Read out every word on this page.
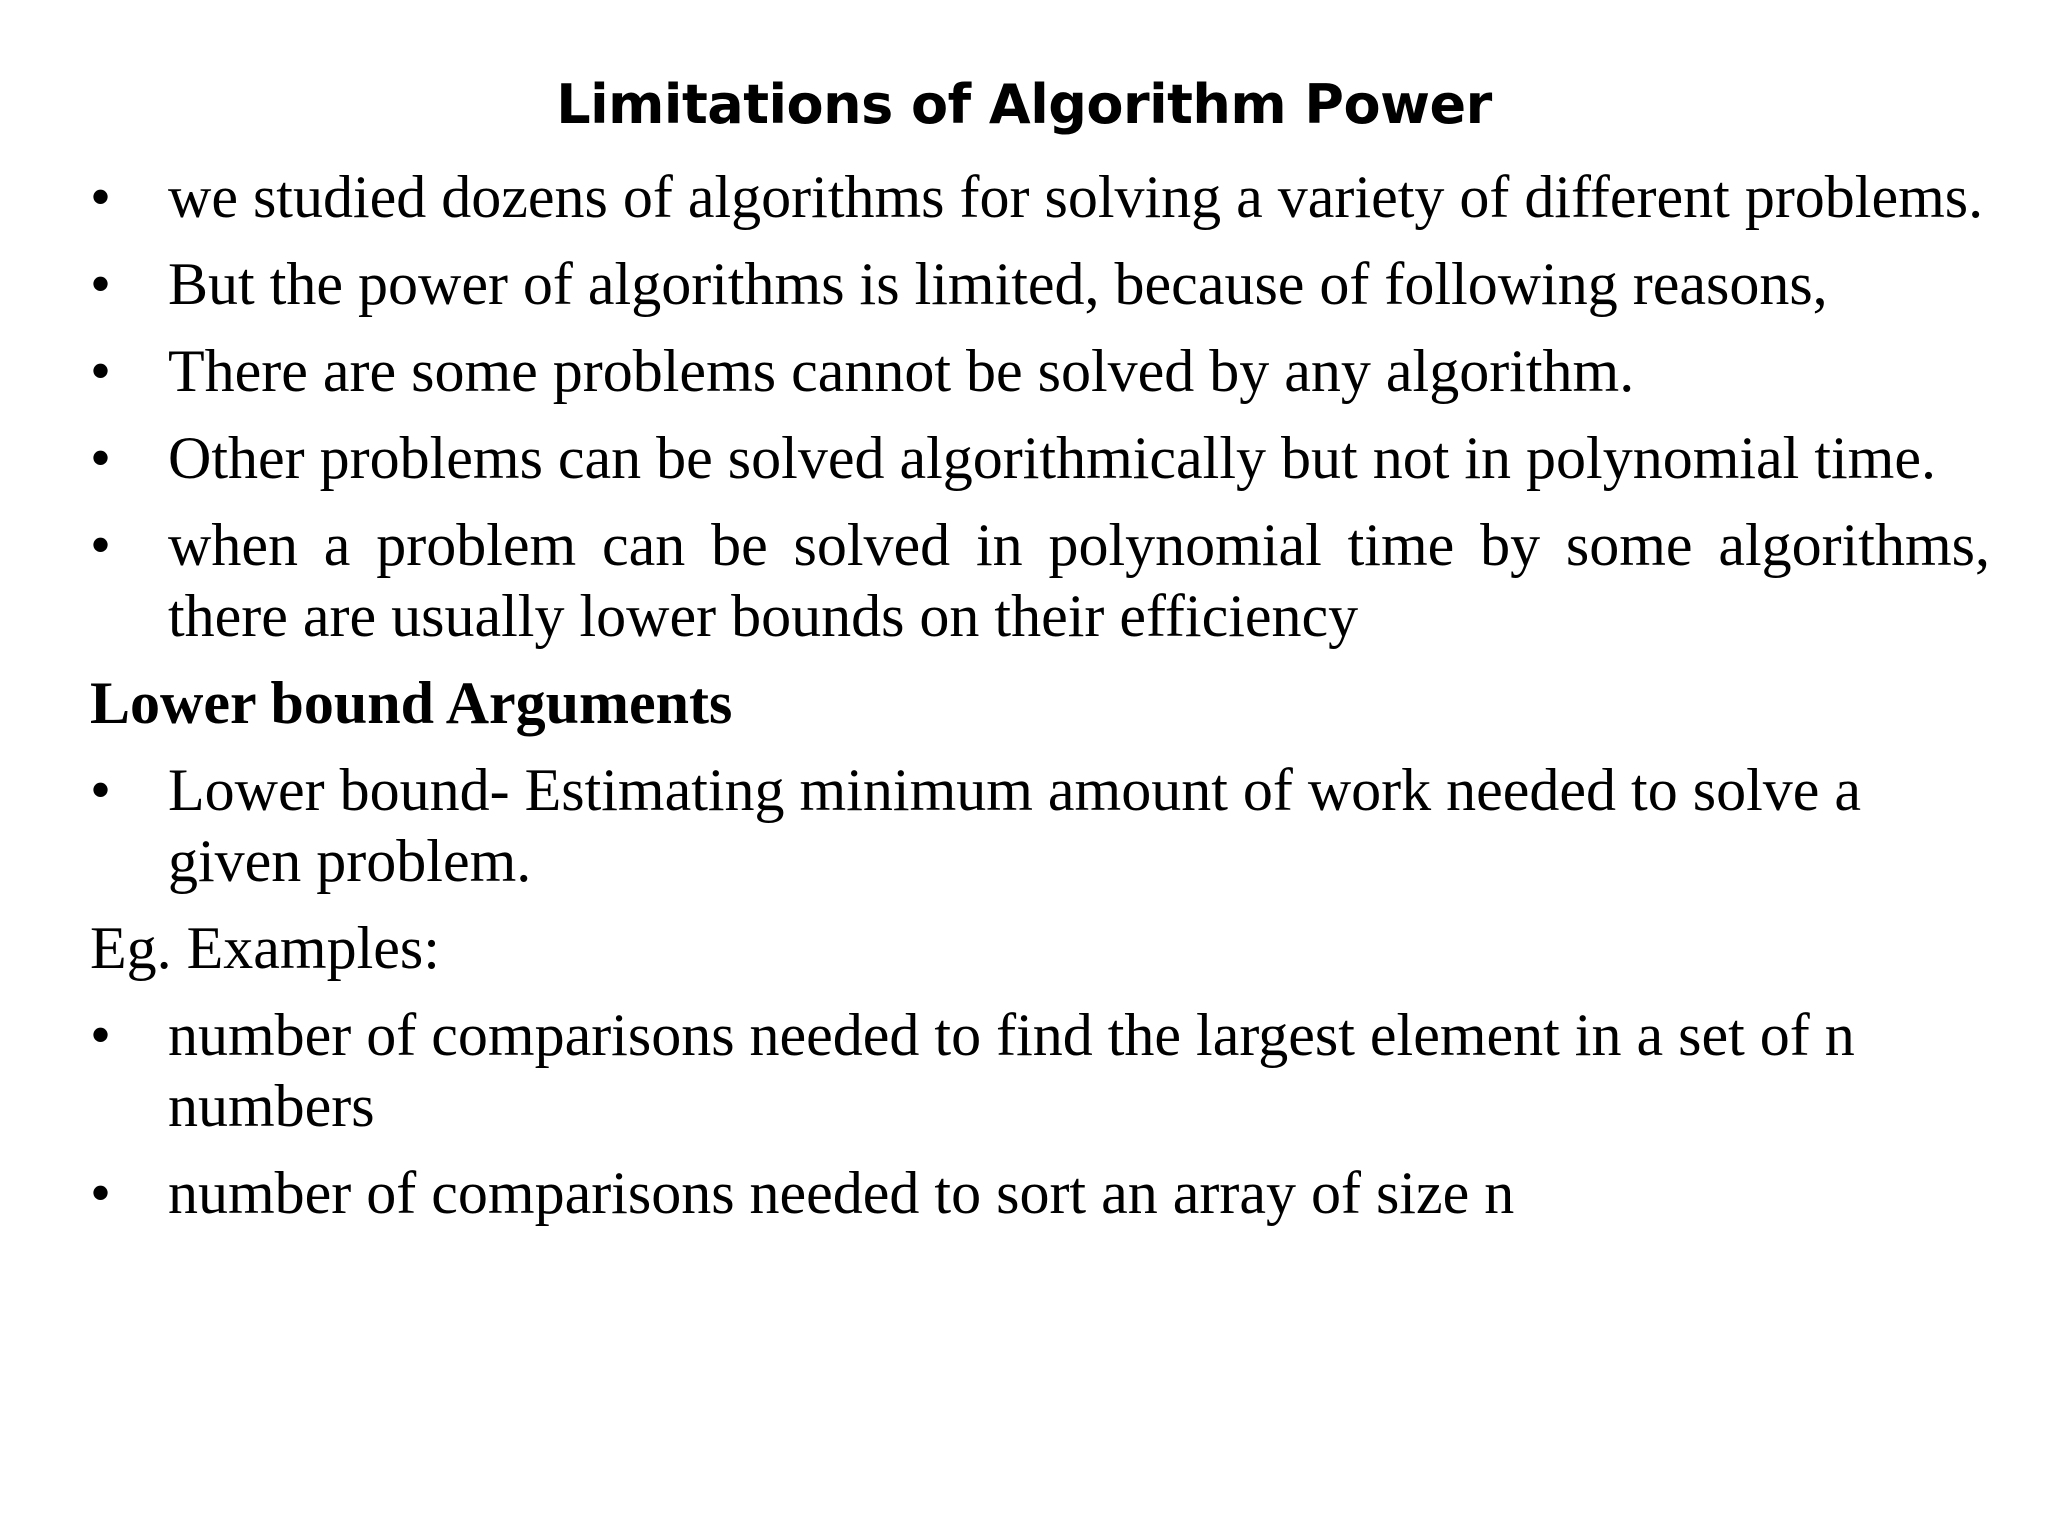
Limitations of Algorithm Power
• we studied dozens of algorithms for solving a variety of different problems.
• But the power of algorithms is limited, because of following reasons,
• There are some problems cannot be solved by any algorithm.
• Other problems can be solved algorithmically but not in polynomial time.
• when a problem can be solved in polynomial time by some algorithms, there are usually lower bounds on their efficiency
Lower bound Arguments
• Lower bound- Estimating minimum amount of work needed to solve a given problem.
Eg. Examples:
• number of comparisons needed to find the largest element in a set of n numbers
• number of comparisons needed to sort an array of size n
